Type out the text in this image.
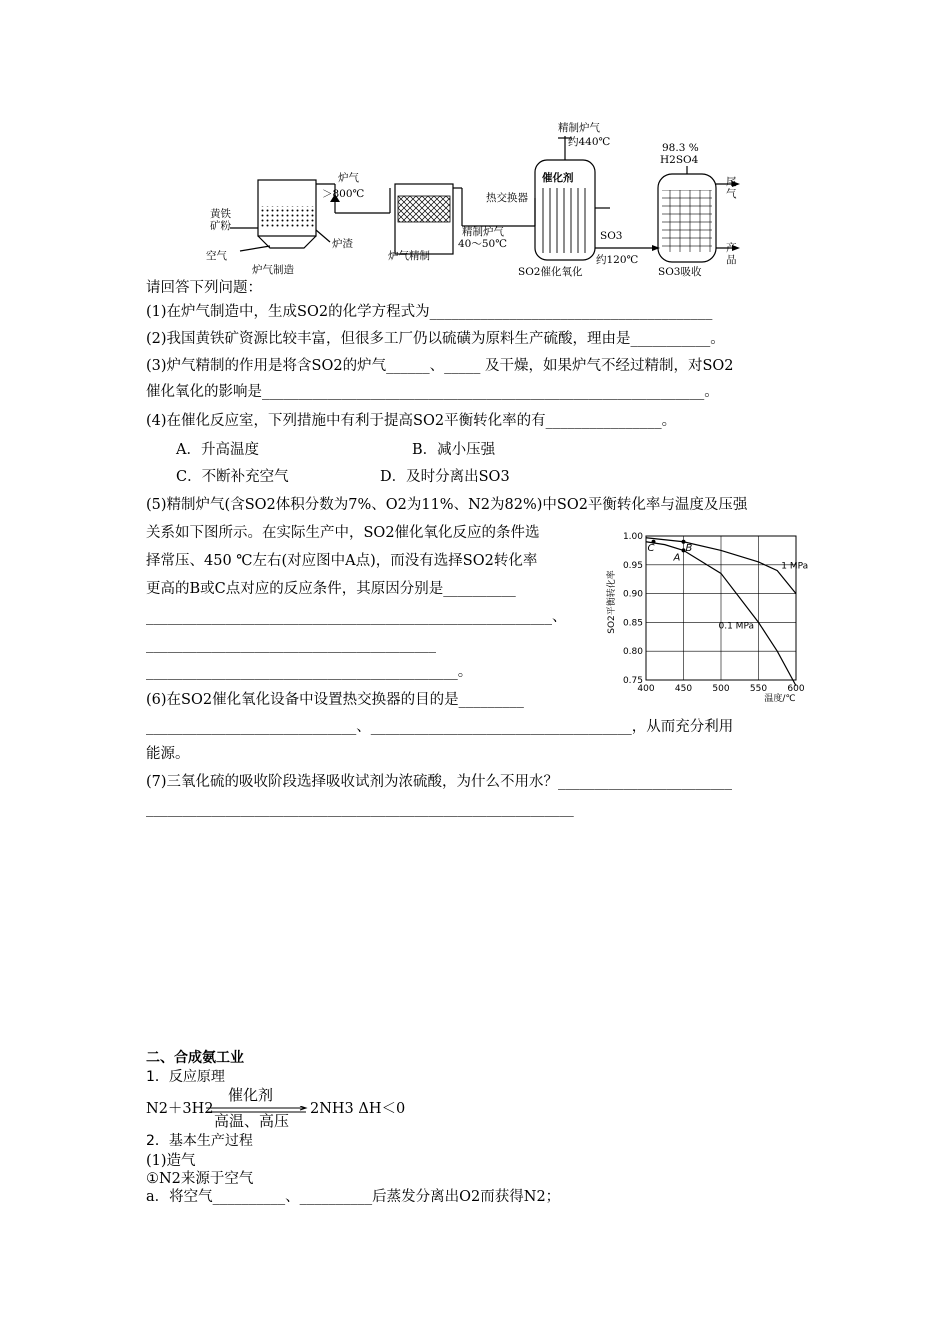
黄铁矿粉
空气
炉气
＞800℃
炉渣
炉气制造
炉气精制
精制炉气
40～50℃
精制炉气
约440℃
催化剂
热交换器
SO3
约120℃
SO2催化氧化
98.3 %
H2SO4
尾气
产品
SO3吸收
请回答下列问题：
(1)在炉气制造中，生成SO2的化学方程式为_______________________________________
(2)我国黄铁矿资源比较丰富，但很多工厂仍以硫磺为原料生产硫酸，理由是___________。
(3)炉气精制的作用是将含SO2的炉气______、_____ 及干燥，如果炉气不经过精制，对SO2
催化氧化的影响是_____________________________________________________________。
(4)在催化反应室，下列措施中有利于提高SO2平衡转化率的有________________。
A．升高温度	B．减小压强
C．不断补充空气	D．及时分离出SO3
(5)精制炉气(含SO2体积分数为7%、O2为11%、N2为82%)中SO2平衡转化率与温度及压强
关系如下图所示。在实际生产中，SO2催化氧化反应的条件选
择常压、450 ℃左右(对应图中A点)，而没有选择SO2转化率
更高的B或C点对应的反应条件，其原因分别是__________
________________________________________________________、
________________________________________
___________________________________________。
(6)在SO2催化氧化设备中设置热交换器的目的是_________
_____________________________、____________________________________，从而充分利用
能源。
(7)三氧化硫的吸收阶段选择吸收试剂为浓硫酸，为什么不用水？________________________
___________________________________________________________
400 450 500 550 600
0.75
0.80
0.85
0.90
0.95
1.00
1 MPa
0.1 MPa
C
A
B
温度/℃
SO2平衡转化率
二、合成氨工业
1．反应原理
N2＋3H2
催化剂
高温、高压
2NH3 ΔH＜0
2．基本生产过程
(1)造气
①N2来源于空气
a．将空气__________、__________后蒸发分离出O2而获得N2；
